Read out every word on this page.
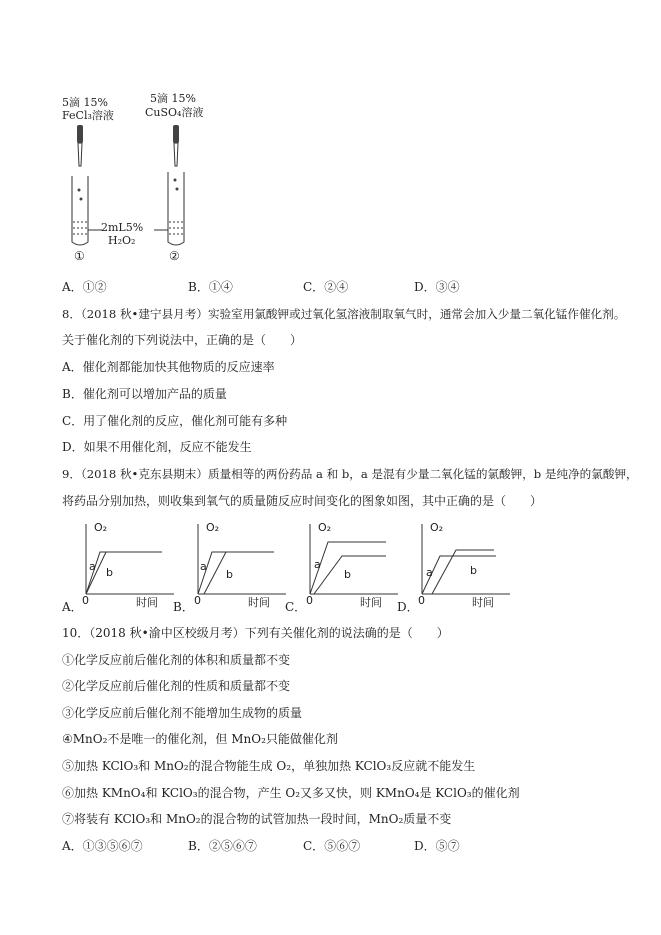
5滴 15%
FeCl₃溶液
5滴 15%
CuSO₄溶液
2mL5%
H₂O₂
①	②
A．①②	B．①④	C．②④	D．③④
8．（2018 秋•建宁县月考）实验室用氯酸钾或过氧化氢溶液制取氧气时，通常会加入少量二氧化锰作催化剂。
关于催化剂的下列说法中，正确的是（　　）
A．催化剂都能加快其他物质的反应速率
B．催化剂可以增加产品的质量
C．用了催化剂的反应，催化剂可能有多种
D．如果不用催化剂，反应不能发生
9．（2018 秋•克东县期末）质量相等的两份药品 a 和 b，a 是混有少量二氧化锰的氯酸钾，b 是纯净的氯酸钾，
将药品分别加热，则收集到氧气的质量随反应时间变化的图象如图，其中正确的是（　　）
A．	B．	C．	D．
O₂
0	时间
a b
O₂
0	时间
a
b
O₂
0	时间
a
b
O₂
0	时间
a	b
10．（2018 秋•渝中区校级月考）下列有关催化剂的说法确的是（　　）
①化学反应前后催化剂的体积和质量都不变
②化学反应前后催化剂的性质和质量都不变
③化学反应前后催化剂不能增加生成物的质量
④MnO₂不是唯一的催化剂，但 MnO₂只能做催化剂
⑤加热 KClO₃和 MnO₂的混合物能生成 O₂，单独加热 KClO₃反应就不能发生
⑥加热 KMnO₄和 KClO₃的混合物，产生 O₂又多又快，则 KMnO₄是 KClO₃的催化剂
⑦将装有 KClO₃和 MnO₂的混合物的试管加热一段时间，MnO₂质量不变
A．①③⑤⑥⑦	B．②⑤⑥⑦	C．⑤⑥⑦	D．⑤⑦
